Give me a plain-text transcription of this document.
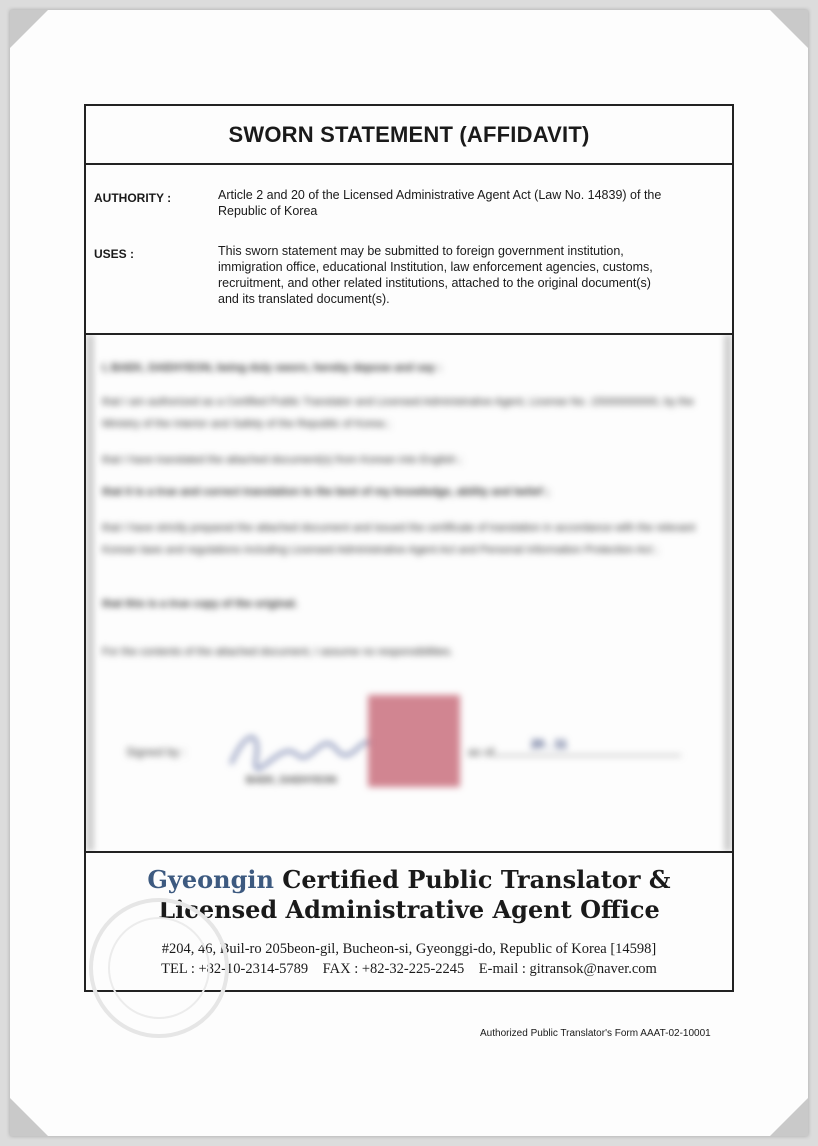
SWORN STATEMENT (AFFIDAVIT)
AUTHORITY :	Article 2 and 20 of the Licensed Administrative Agent Act (Law No. 14839) of the
Republic of Korea
USES :	This sworn statement may be submitted to foreign government institution,
immigration office, educational Institution, law enforcement agencies, customs,
recruitment, and other related institutions, attached to the original document(s)
and its translated document(s).
I, BAEK, DAEHYEON, being duly sworn, hereby depose and say :
that I am authorized as a Certified Public Translator and Licensed Administrative Agent, License No. 15000000000, by the Ministry of the Interior and Safety of the Republic of Korea ;
that I have translated the attached document(s) from Korean into English ;
that it is a true and correct translation to the best of my knowledge, ability and belief ;
that I have strictly prepared the attached document and issued the certificate of translation in accordance with the relevant Korean laws and regulations including Licensed Administrative Agent Act and Personal Information Protection Act ;
that this is a true copy of the original.
For the contents of the attached document, I assume no responsibilities.
Signed by :
BAEK, DAEHYEON
as of
20 . 11
Gyeongin Certified Public Translator &
Licensed Administrative Agent Office
#204, 46, Buil-ro 205beon-gil, Bucheon-si, Gyeonggi-do, Republic of Korea [14598]
TEL : +82-10-2314-5789    FAX : +82-32-225-2245    E-mail : gitransok@naver.com
Authorized Public Translator's Form AAAT-02-10001
